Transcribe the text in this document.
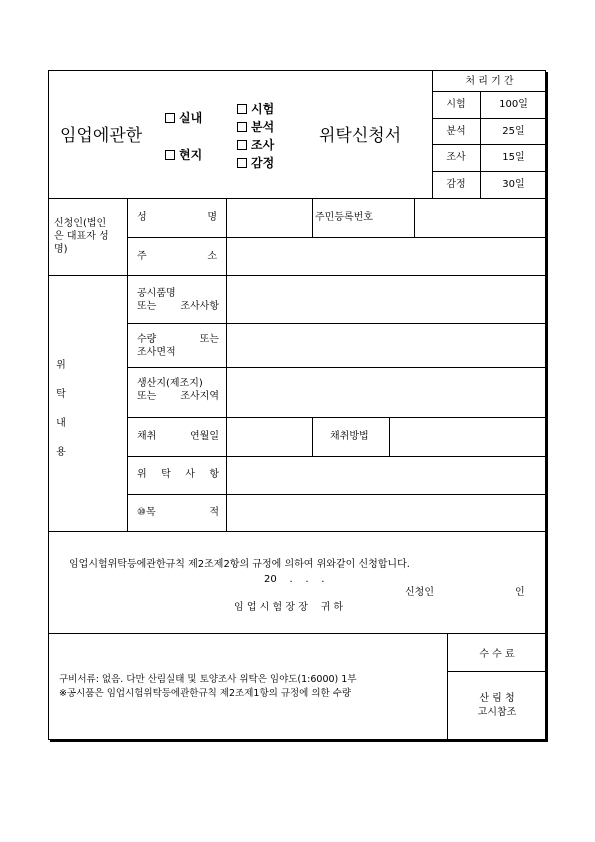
임업에관한
실내
현지
시험
분석
조사
감정
위탁신청서
처 리 기 간
시험	100일
분석	25일
조사	15일
감정	30일
신청인(법인
은 대표자 성
명)
성	명	주민등록번호
주	소
위
탁
내
용
공시품명
또는 조사사항
수량	또는
조사면적
생산지(제조지)
또는 조사지역
채취	연월일	채취방법
위 탁 사 항
⑩목	적
임업시험위탁등에관한규칙 제2조제2항의 규정에 의하여 위와같이 신청합니다.
20    .    .    .
신청인	인
임 업 시 험 장 장    귀 하
수 수 료
산 림 청
고시참조
구비서류: 없음. 다만 산림실태 및 토양조사 위탁은 임야도(1:6000) 1부
※공시품은 임업시험위탁등에관한규칙 제2조제1항의 규정에 의한 수량
